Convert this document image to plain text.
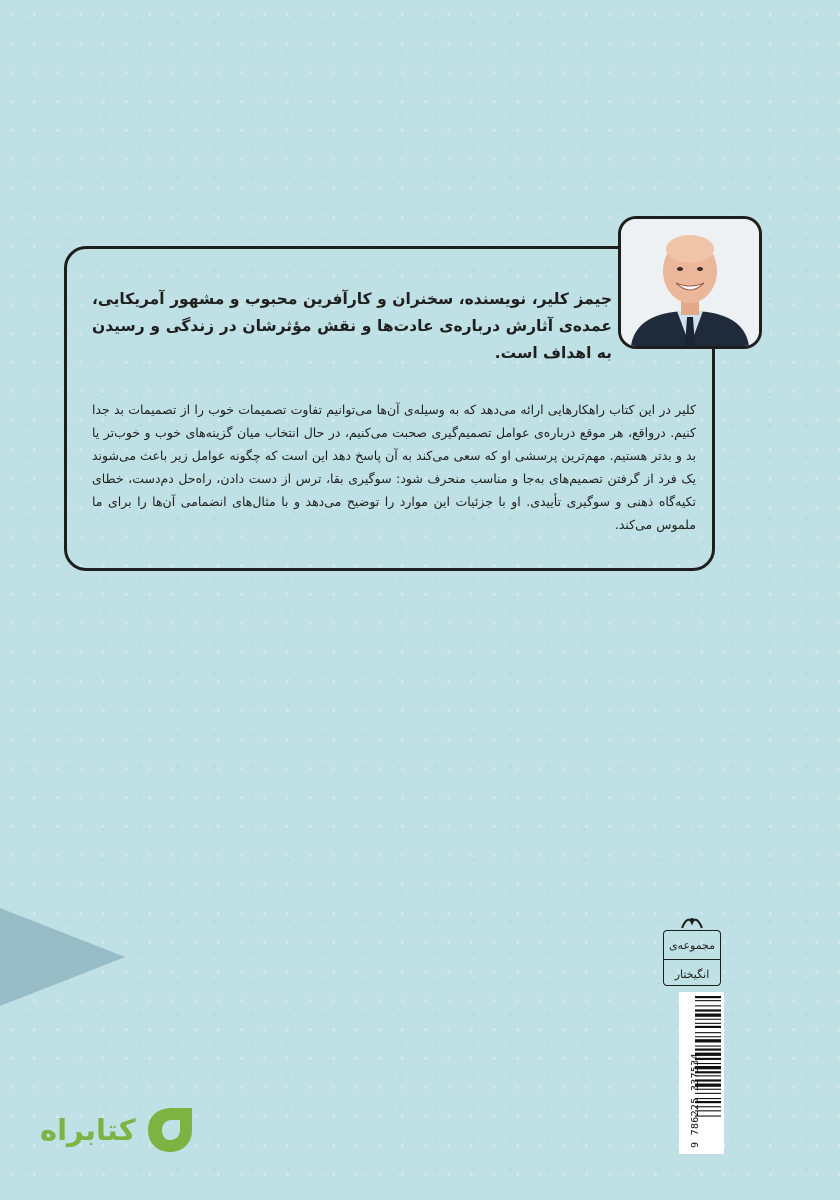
جیمز کلیر، نویسنده، سخنران و کارآفرین محبوب و مشهور آمریکایی، عمده‌ی آثارش درباره‌ی عادت‌ها و نقش مؤثرشان در زندگی و رسیدن به اهداف است.

کلیر در این کتاب راهکارهایی ارائه می‌دهد که به وسیله‌ی آن‌ها می‌توانیم تفاوت تصمیمات خوب را از تصمیمات بد جدا کنیم. درواقع، هر موقع درباره‌ی عوامل تصمیم‌گیری صحبت می‌کنیم، در حال انتخاب میان گزینه‌های خوب و خوب‌تر یا بد و بدتر هستیم. مهم‌ترین پرسشی او که سعی می‌کند به آن پاسخ دهد این است که چگونه عوامل زیر باعث می‌شوند یک فرد از گرفتن تصمیم‌های به‌جا و مناسب منحرف شود: سوگیری بقا، ترس از دست دادن، راه‌حل دم‌دست، خطای تکیه‌گاه ذهنی و سوگیری تأییدی. او با جزئیات این موارد را توضیح می‌دهد و با مثال‌های انضمامی آن‌ها را برای ما ملموس می‌کند.

مجموعه‌ی
انگیختار
9 786225 337534
کتابراه
